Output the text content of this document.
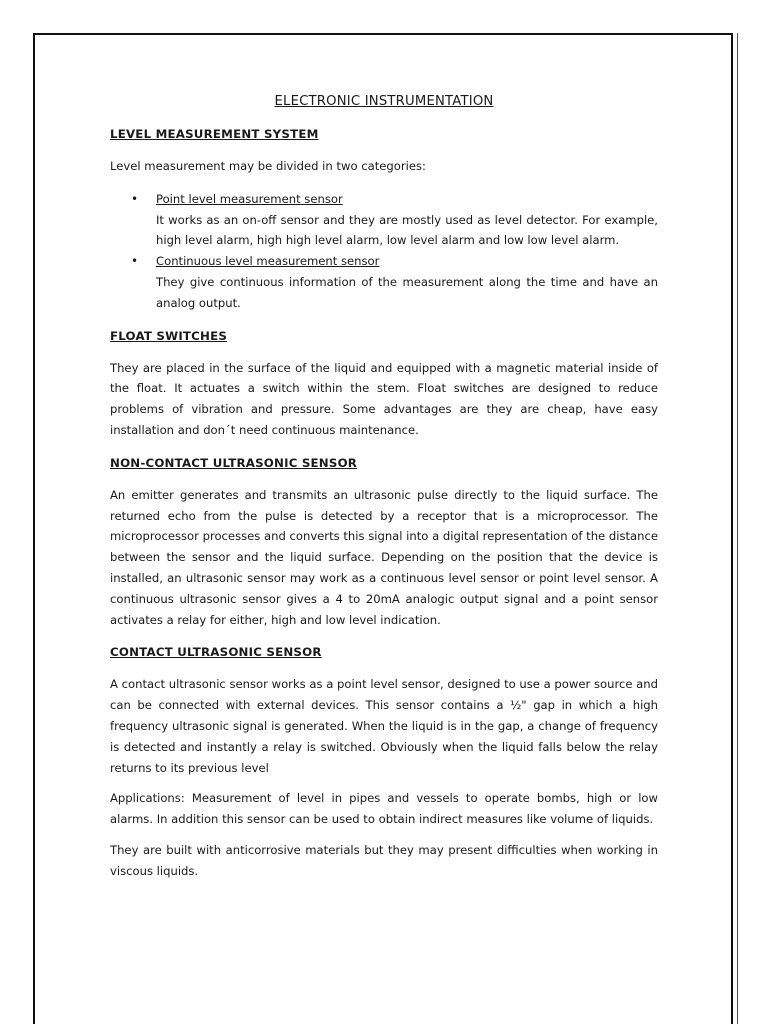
ELECTRONIC INSTRUMENTATION
LEVEL MEASUREMENT SYSTEM

Level measurement may be divided in two categories:

• Point level measurement sensor
It works as an on-off sensor and they are mostly used as level detector. For example, high level alarm, high high level alarm, low level alarm and low low level alarm.
• Continuous level measurement sensor
They give continuous information of the measurement along the time and have an analog output.
FLOAT SWITCHES

They are placed in the surface of the liquid and equipped with a magnetic material inside of the float. It actuates a switch within the stem. Float switches are designed to reduce problems of vibration and pressure. Some advantages are they are cheap, have easy installation and don´t need continuous maintenance.

NON-CONTACT ULTRASONIC SENSOR

An emitter generates and transmits an ultrasonic pulse directly to the liquid surface. The returned echo from the pulse is detected by a receptor that is a microprocessor. The microprocessor processes and converts this signal into a digital representation of the distance between the sensor and the liquid surface. Depending on the position that the device is installed, an ultrasonic sensor may work as a continuous level sensor or point level sensor. A continuous ultrasonic sensor gives a 4 to 20mA analogic output signal and a point sensor activates a relay for either, high and low level indication.

CONTACT ULTRASONIC SENSOR

A contact ultrasonic sensor works as a point level sensor, designed to use a power source and can be connected with external devices. This sensor contains a ½" gap in which a high frequency ultrasonic signal is generated. When the liquid is in the gap, a change of frequency is detected and instantly a relay is switched. Obviously when the liquid falls below the relay returns to its previous level

Applications: Measurement of level in pipes and vessels to operate bombs, high or low alarms. In addition this sensor can be used to obtain indirect measures like volume of liquids.

They are built with anticorrosive materials but they may present difficulties when working in viscous liquids.
